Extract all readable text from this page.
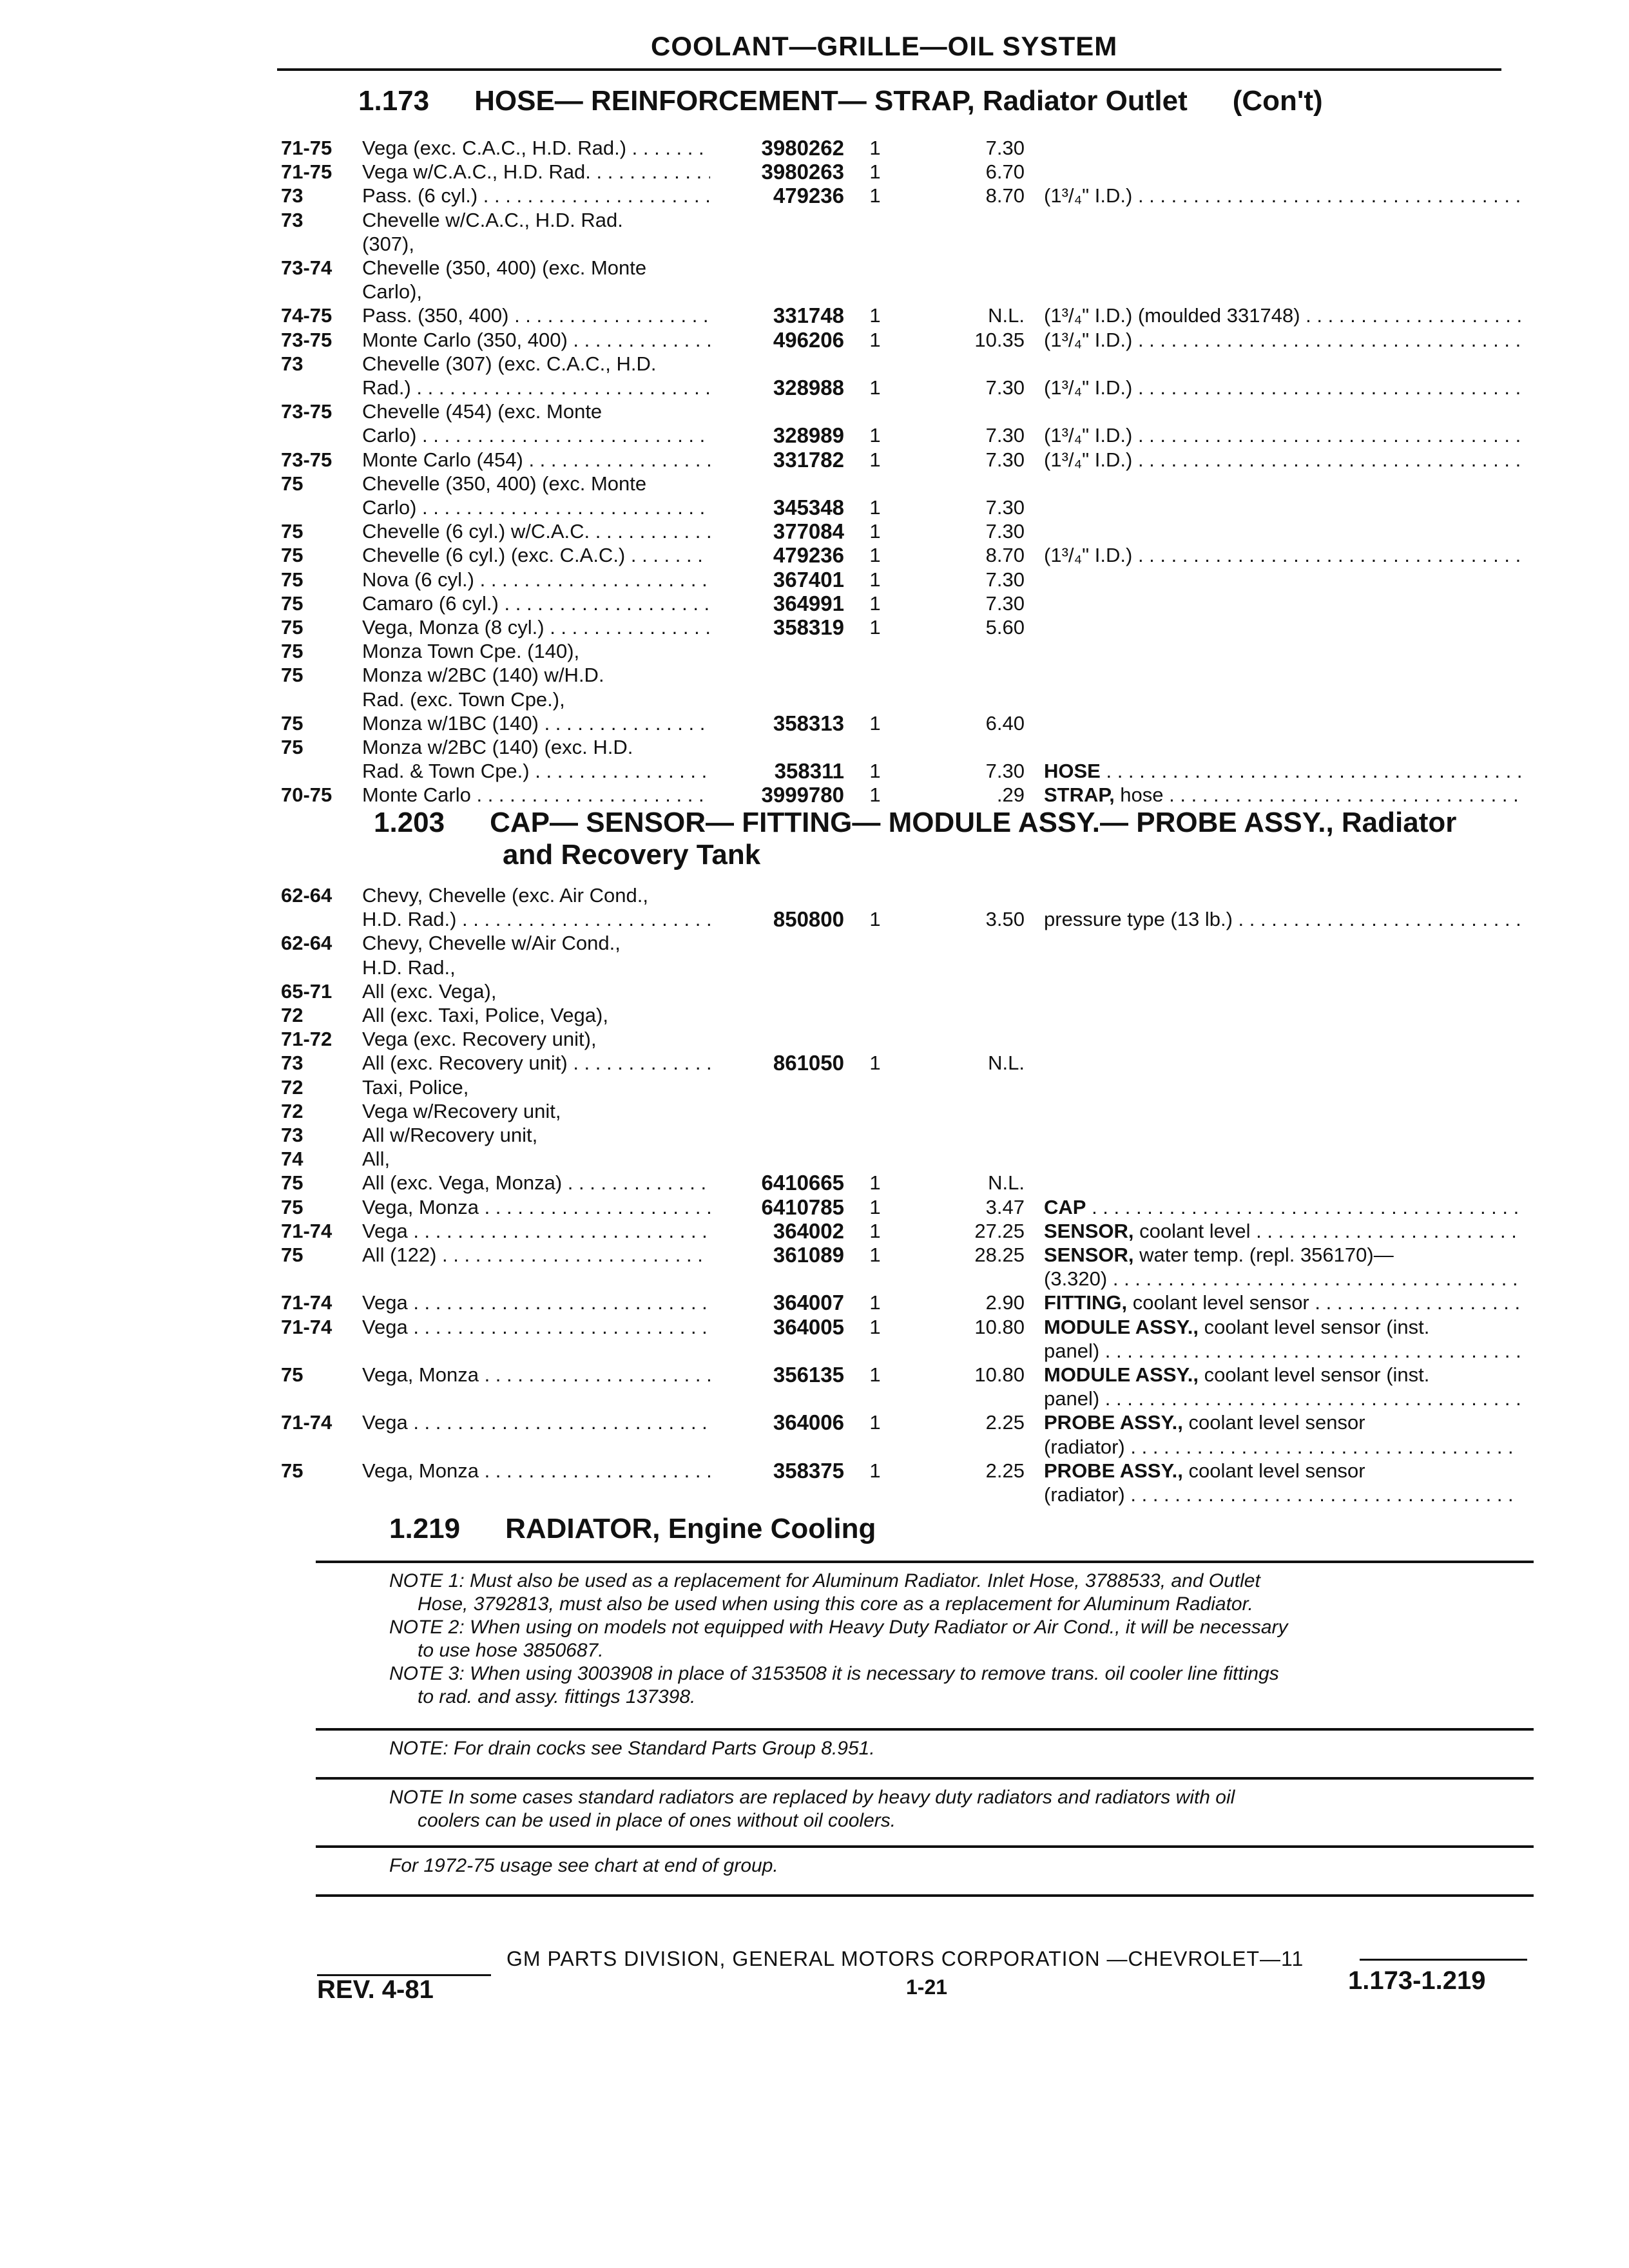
COOLANT—GRILLE—OIL SYSTEM
1.173 HOSE— REINFORCEMENT— STRAP, Radiator Outlet (Con't)
71-75 Vega (exc. C.A.C., H.D. Rad.) . . .	3980262	1	7.30
71-75 Vega w/C.A.C., H.D. Rad. . . .	3980263	1	6.70
73	Pass. (6 cyl.) . . .	479236	1	8.70 (1³/₄" I.D.) . . .
73	Chevelle w/C.A.C., H.D. Rad.
(307),
73-74 Chevelle (350, 400) (exc. Monte
Carlo),
74-75 Pass. (350, 400) . . .	331748	1	N.L. (1³/₄" I.D.) (moulded 331748) . . .
73-75 Monte Carlo (350, 400) . . .	496206	1	10.35 (1³/₄" I.D.) . . .
73	Chevelle (307) (exc. C.A.C., H.D.
Rad.) . . .	328988	1	7.30 (1³/₄" I.D.) . . .
73-75 Chevelle (454) (exc. Monte
Carlo) . . .	328989	1	7.30 (1³/₄" I.D.) . . .
73-75 Monte Carlo (454) . . .	331782	1	7.30 (1³/₄" I.D.) . . .
75	Chevelle (350, 400) (exc. Monte
Carlo) . . .	345348	1	7.30
75	Chevelle (6 cyl.) w/C.A.C. . . .	377084	1	7.30
75	Chevelle (6 cyl.) (exc. C.A.C.) . . .	479236	1	8.70 (1³/₄" I.D.) . . .
75	Nova (6 cyl.) . . .	367401	1	7.30
75	Camaro (6 cyl.) . . .	364991	1	7.30
75	Vega, Monza (8 cyl.) . . .	358319	1	5.60
75	Monza Town Cpe. (140),
75	Monza w/2BC (140) w/H.D.
Rad. (exc. Town Cpe.),
75	Monza w/1BC (140) . . .	358313	1	6.40
75	Monza w/2BC (140) (exc. H.D.
Rad. & Town Cpe.) . . .	358311	1	7.30 HOSE . . .
70-75 Monte Carlo . . .	3999780	1	.29 STRAP, hose . . .
1.203 CAP— SENSOR— FITTING— MODULE ASSY.— PROBE ASSY., Radiator
and Recovery Tank
62-64 Chevy, Chevelle (exc. Air Cond.,
H.D. Rad.) . . .	850800	1	3.50 pressure type (13 lb.) . . .
62-64 Chevy, Chevelle w/Air Cond.,
H.D. Rad.,
65-71 All (exc. Vega),
72	All (exc. Taxi, Police, Vega),
71-72 Vega (exc. Recovery unit),
73	All (exc. Recovery unit) . . .	861050	1	N.L.
72	Taxi, Police,
72	Vega w/Recovery unit,
73	All w/Recovery unit,
74	All,
75	All (exc. Vega, Monza) . . .	6410665	1	N.L.
75	Vega, Monza . . .	6410785	1	3.47 CAP . . .
71-74 Vega . . .	364002	1	27.25 SENSOR, coolant level . . .
75	All (122) . . .	361089	1	28.25 SENSOR, water temp. (repl. 356170)—
(3.320) . . .
71-74 Vega . . .	364007	1	2.90 FITTING, coolant level sensor . . .
71-74 Vega . . .	364005	1	10.80 MODULE ASSY., coolant level sensor (inst.
panel) . . .
75	Vega, Monza . . .	356135	1	10.80 MODULE ASSY., coolant level sensor (inst.
panel) . . .
71-74 Vega . . .	364006	1	2.25 PROBE ASSY., coolant level sensor
(radiator) . . .
75	Vega, Monza . . .	358375	1	2.25 PROBE ASSY., coolant level sensor
(radiator) . . .
1.219 RADIATOR, Engine Cooling
NOTE 1: Must also be used as a replacement for Aluminum Radiator. Inlet Hose, 3788533, and Outlet
Hose, 3792813, must also be used when using this core as a replacement for Aluminum Radiator.
NOTE 2: When using on models not equipped with Heavy Duty Radiator or Air Cond., it will be necessary
to use hose 3850687.
NOTE 3: When using 3003908 in place of 3153508 it is necessary to remove trans. oil cooler line fittings
to rad. and assy. fittings 137398.
NOTE: For drain cocks see Standard Parts Group 8.951.
NOTE In some cases standard radiators are replaced by heavy duty radiators and radiators with oil
coolers can be used in place of ones without oil coolers.
For 1972-75 usage see chart at end of group.
GM PARTS DIVISION, GENERAL MOTORS CORPORATION —CHEVROLET—11
REV. 4-81	1-21	1.173-1.219
